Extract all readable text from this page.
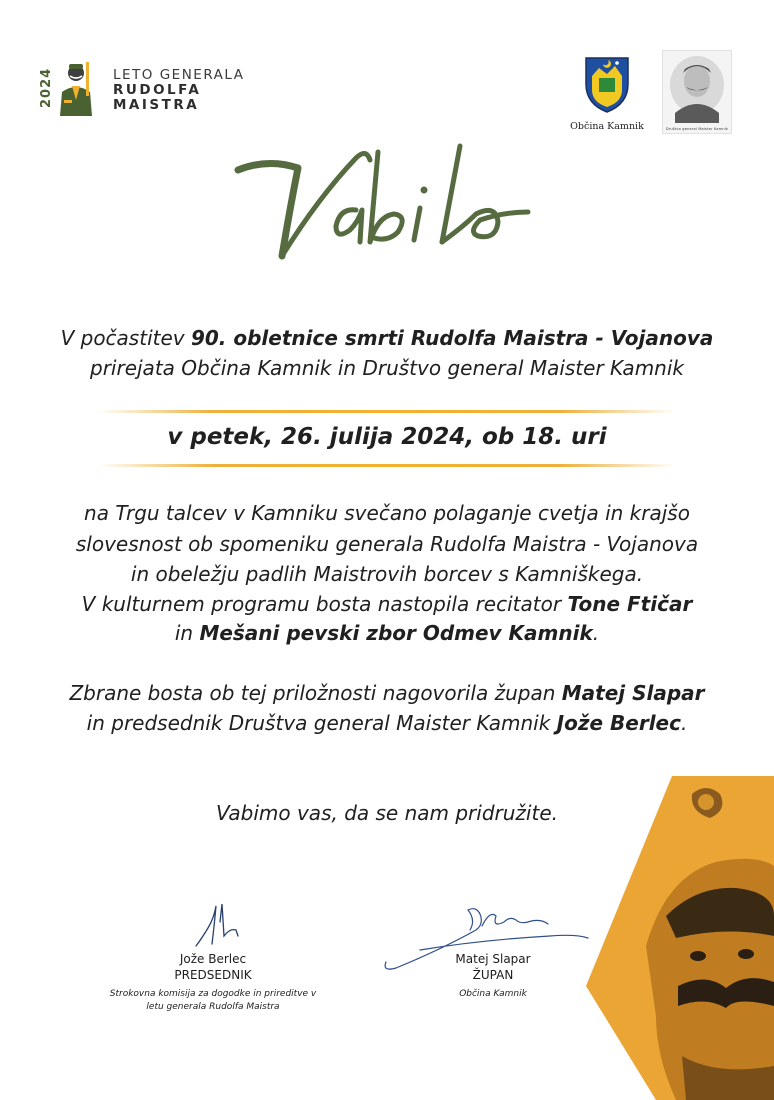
2024	LETO GENERALA
RUDOLFA
MAISTRA
Občina Kamnik	Društvo general Maister Kamnik
V počastitev 90. obletnice smrti Rudolfa Maistra - Vojanova
prirejata Občina Kamnik in Društvo general Maister Kamnik
v petek, 26. julija 2024, ob 18. uri
na Trgu talcev v Kamniku svečano polaganje cvetja in krajšo
slovesnost ob spomeniku generala Rudolfa Maistra - Vojanova
in obeležju padlih Maistrovih borcev s Kamniškega.
V kulturnem programu bosta nastopila recitator Tone Ftičar
in Mešani pevski zbor Odmev Kamnik.
Zbrane bosta ob tej priložnosti nagovorila župan Matej Slapar
in predsednik Društva general Maister Kamnik Jože Berlec.
Vabimo vas, da se nam pridružite.
Jože Berlec
PREDSEDNIK
Strokovna komisija za dogodke in prireditve v
letu generala Rudolfa Maistra
Matej Slapar
ŽUPAN
Občina Kamnik
